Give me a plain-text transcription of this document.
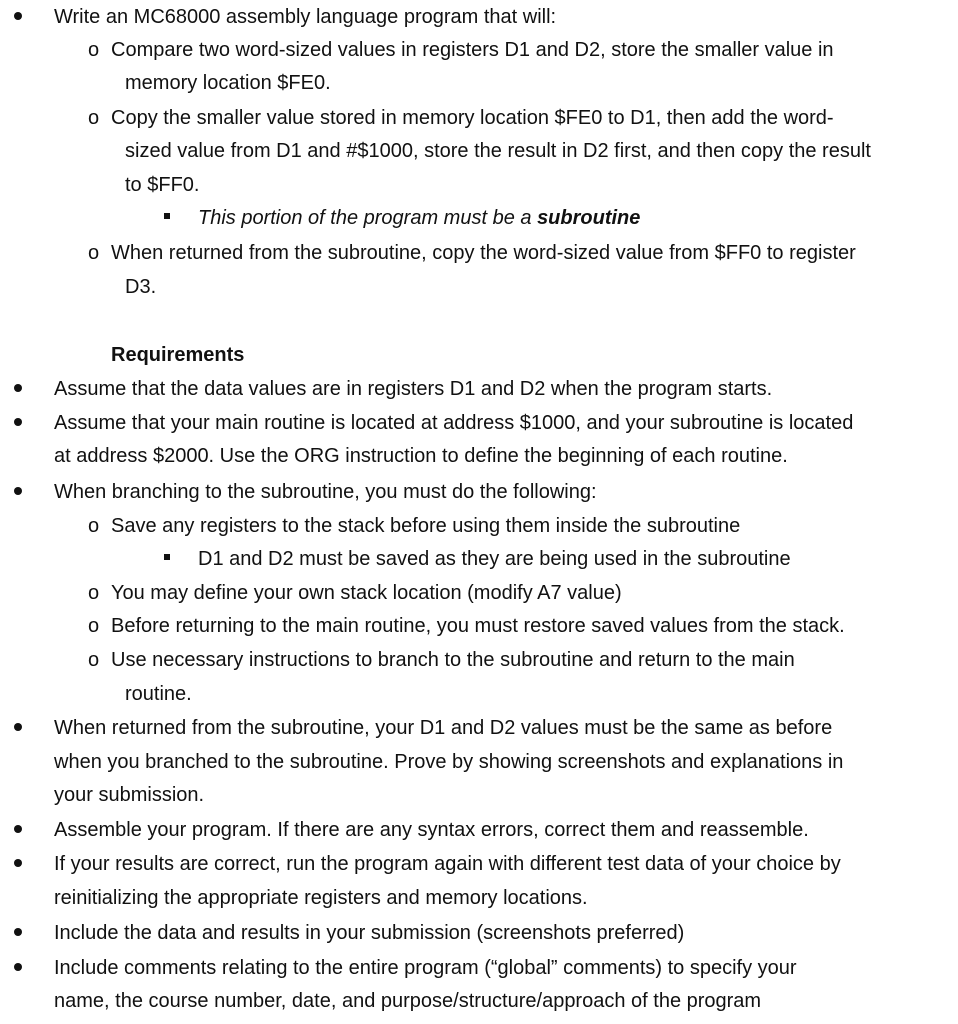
Write an MC68000 assembly language program that will:
o Compare two word-sized values in registers D1 and D2, store the smaller value in
memory location $FE0.
o Copy the smaller value stored in memory location $FE0 to D1, then add the word-
sized value from D1 and #$1000, store the result in D2 first, and then copy the result
to $FF0.
This portion of the program must be a subroutine
o When returned from the subroutine, copy the word-sized value from $FF0 to register
D3.
Requirements
Assume that the data values are in registers D1 and D2 when the program starts.
Assume that your main routine is located at address $1000, and your subroutine is located
at address $2000. Use the ORG instruction to define the beginning of each routine.
When branching to the subroutine, you must do the following:
o Save any registers to the stack before using them inside the subroutine
D1 and D2 must be saved as they are being used in the subroutine
o You may define your own stack location (modify A7 value)
o Before returning to the main routine, you must restore saved values from the stack.
o Use necessary instructions to branch to the subroutine and return to the main
routine.
When returned from the subroutine, your D1 and D2 values must be the same as before
when you branched to the subroutine. Prove by showing screenshots and explanations in
your submission.
Assemble your program. If there are any syntax errors, correct them and reassemble.
If your results are correct, run the program again with different test data of your choice by
reinitializing the appropriate registers and memory locations.
Include the data and results in your submission (screenshots preferred)
Include comments relating to the entire program (“global” comments) to specify your
name, the course number, date, and purpose/structure/approach of the program
